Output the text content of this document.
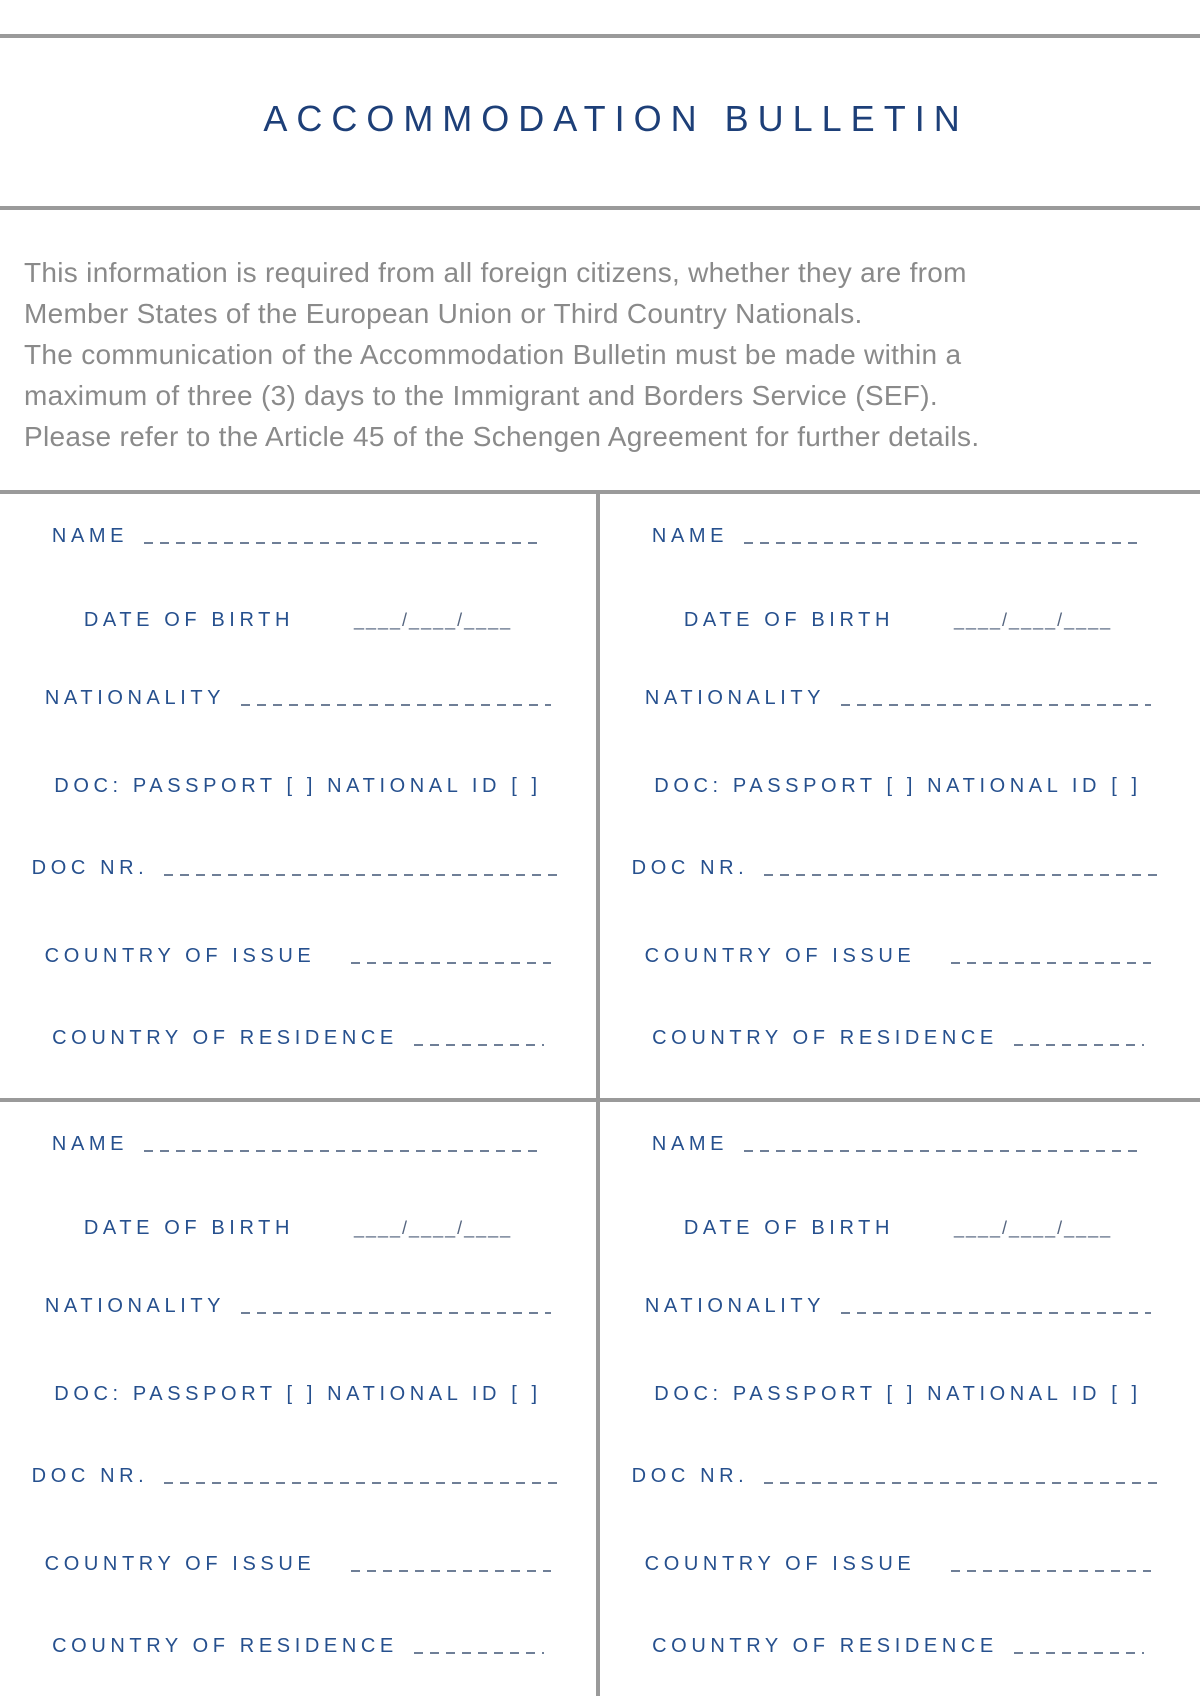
ACCOMMODATION BULLETIN

This information is required from all foreign citizens, whether they are from

Member States of the European Union or Third Country Nationals.

The communication of the Accommodation Bulletin must be made within a

maximum of three (3) days to the Immigrant and Borders Service (SEF).

Please refer to the Article 45 of the Schengen Agreement for further details.

NAME
DATE OF BIRTH	____/____/____
NATIONALITY
DOC: PASSPORT [ ] NATIONAL ID [ ]
DOC NR.
COUNTRY OF ISSUE
COUNTRY OF RESIDENCE
NAME
DATE OF BIRTH	____/____/____
NATIONALITY
DOC: PASSPORT [ ] NATIONAL ID [ ]
DOC NR.
COUNTRY OF ISSUE
COUNTRY OF RESIDENCE
NAME
DATE OF BIRTH	____/____/____
NATIONALITY
DOC: PASSPORT [ ] NATIONAL ID [ ]
DOC NR.
COUNTRY OF ISSUE
COUNTRY OF RESIDENCE
NAME
DATE OF BIRTH	____/____/____
NATIONALITY
DOC: PASSPORT [ ] NATIONAL ID [ ]
DOC NR.
COUNTRY OF ISSUE
COUNTRY OF RESIDENCE
